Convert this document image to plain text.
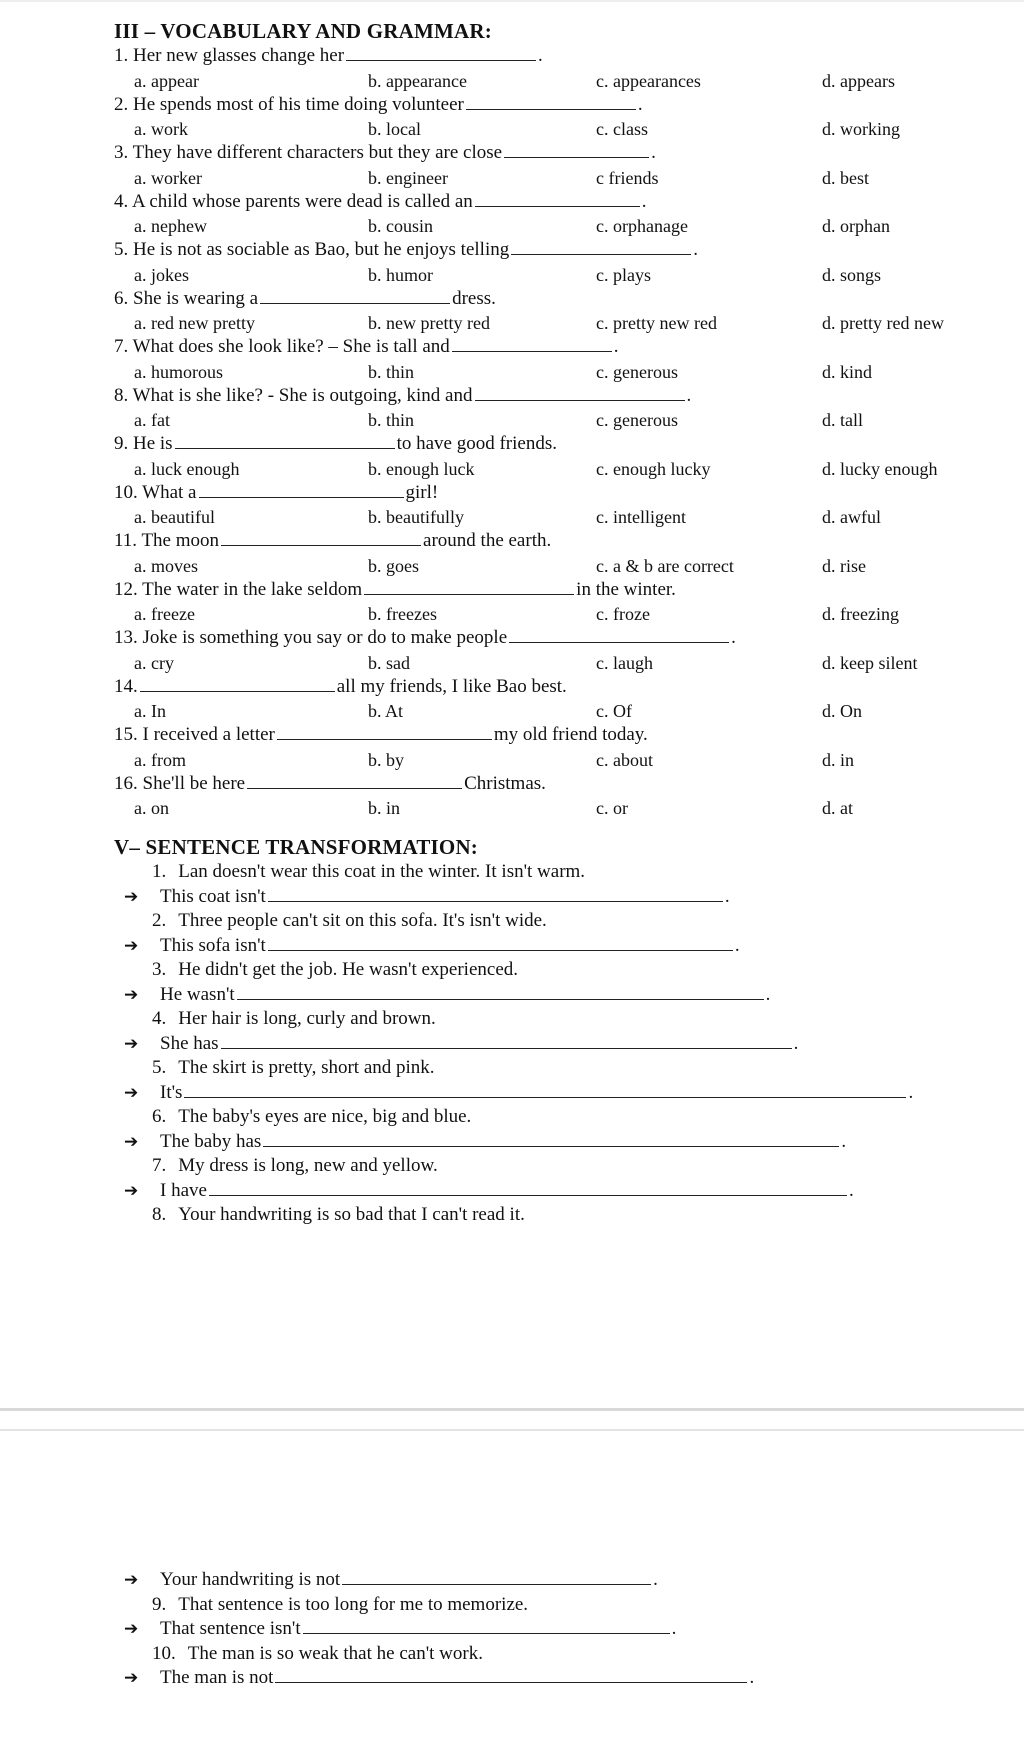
III – VOCABULARY AND GRAMMAR:
1. Her new glasses change her	.
a. appear	b. appearance	c. appearances	d. appears
2. He spends most of his time doing volunteer	.
a. work	b. local	c. class	d. working
3. They have different characters but they are close	.
a. worker	b. engineer	c friends	d. best
4. A child whose parents were dead is called an	.
a. nephew	b. cousin	c. orphanage	d. orphan
5. He is not as sociable as Bao, but he enjoys telling	.
a. jokes	b. humor	c. plays	d. songs
6. She is wearing a	dress.
a. red new pretty	b. new pretty red	c. pretty new red	d. pretty red new
7. What does she look like? – She is tall and	.
a. humorous	b. thin	c. generous	d. kind
8. What is she like? - She is outgoing, kind and	.
a. fat	b. thin	c. generous	d. tall
9. He is	to have good friends.
a. luck enough	b. enough luck	c. enough lucky	d. lucky enough
10. What a	girl!
a. beautiful	b. beautifully	c. intelligent	d. awful
11. The moon	around the earth.
a. moves	b. goes	c. a & b are correct	d. rise
12. The water in the lake seldom	in the winter.
a. freeze	b. freezes	c. froze	d. freezing
13. Joke is something you say or do to make people	.
a. cry	b. sad	c. laugh	d. keep silent
14.	all my friends, I like Bao best.
a. In	b. At	c. Of	d. On
15. I received a letter	my old friend today.
a. from	b. by	c. about	d. in
16. She'll be here	Christmas.
a. on	b. in	c. or	d. at
V– SENTENCE TRANSFORMATION:
1. Lan doesn't wear this coat in the winter. It isn't warm.
➔ This coat isn't	.
2. Three people can't sit on this sofa. It's isn't wide.
➔ This sofa isn't	.
3. He didn't get the job. He wasn't experienced.
➔ He wasn't	.
4. Her hair is long, curly and brown.
➔ She has	.
5. The skirt is pretty, short and pink.
➔ It's	.
6. The baby's eyes are nice, big and blue.
➔ The baby has	.
7. My dress is long, new and yellow.
➔ I have	.
8. Your handwriting is so bad that I can't read it.
➔ Your handwriting is not	.
9. That sentence is too long for me to memorize.
➔ That sentence isn't	.
10. The man is so weak that he can't work.
➔ The man is not	.
